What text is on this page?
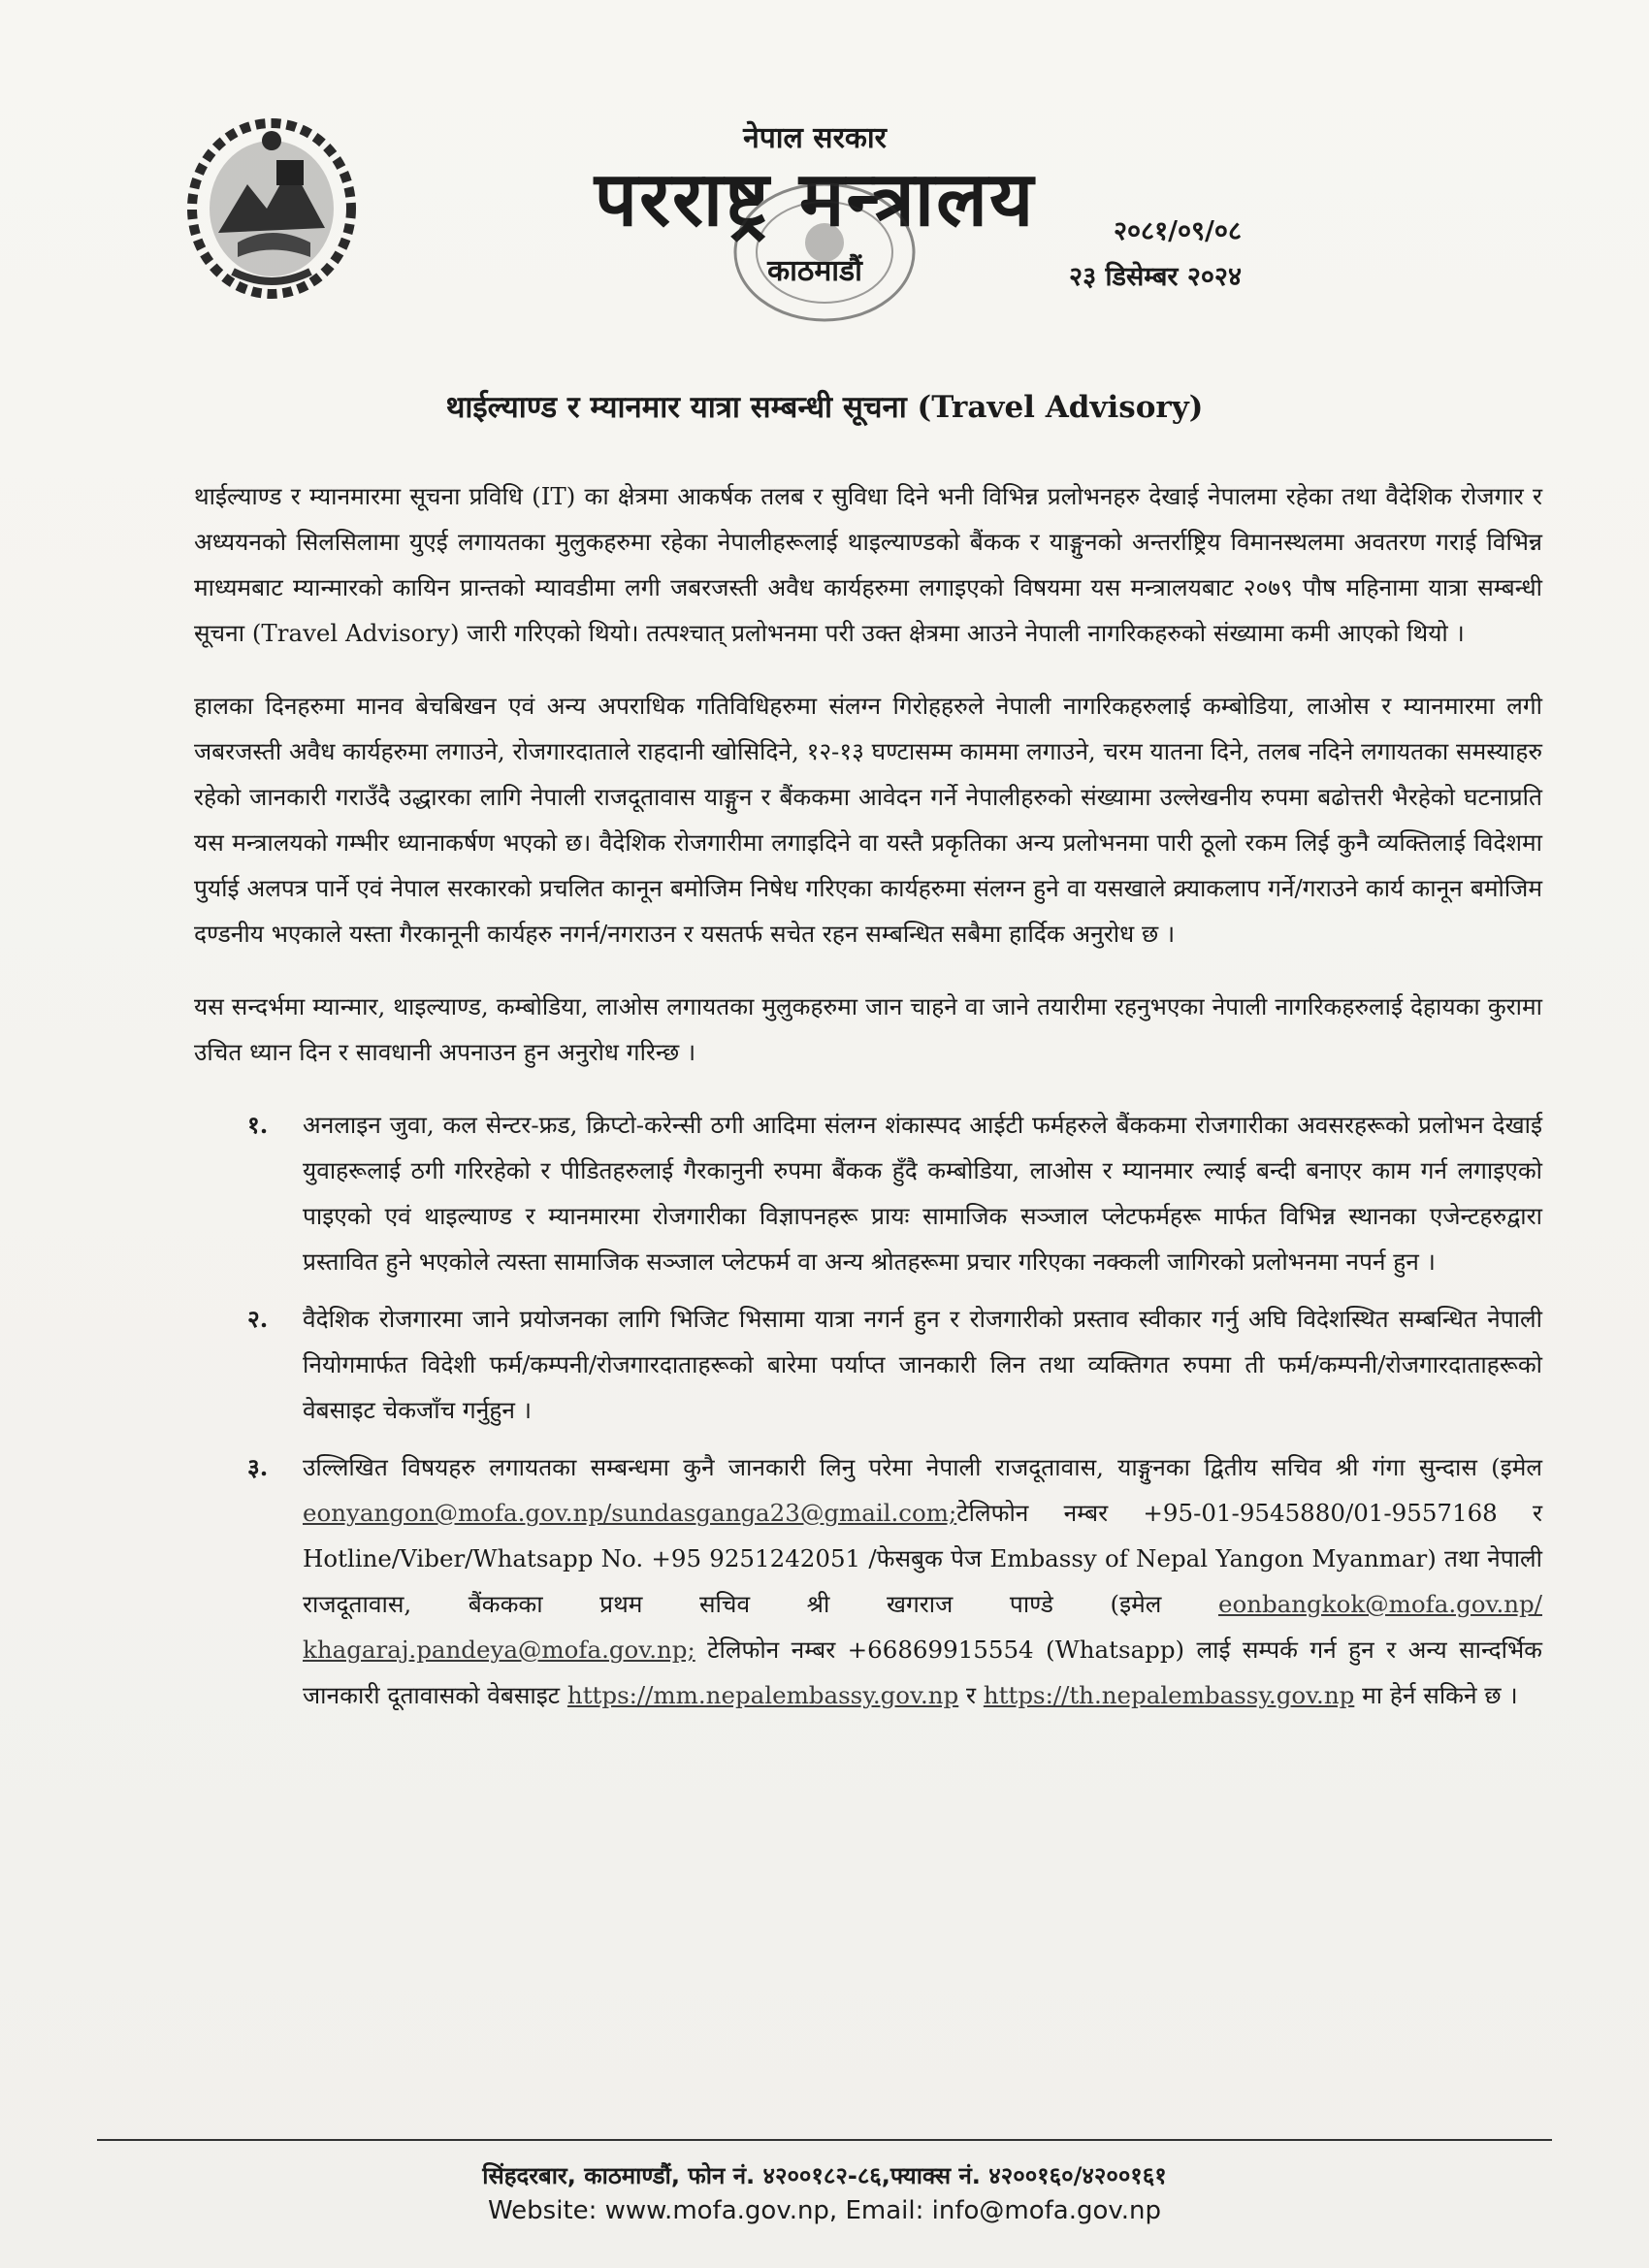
नेपाल सरकार
परराष्ट्र मन्त्रालय
काठमाडौं
२०८१/०९/०८
२३ डिसेम्बर २०२४
थाईल्याण्ड र म्यानमार यात्रा सम्बन्धी सूचना (Travel Advisory)

थाईल्याण्ड र म्यानमारमा सूचना प्रविधि (IT) का क्षेत्रमा आकर्षक तलब र सुविधा दिने भनी विभिन्न प्रलोभनहरु देखाई नेपालमा रहेका तथा वैदेशिक रोजगार र अध्ययनको सिलसिलामा युएई लगायतका मुलुकहरुमा रहेका नेपालीहरूलाई थाइल्याण्डको बैंकक र याङ्गुनको अन्तर्राष्ट्रिय विमानस्थलमा अवतरण गराई विभिन्न माध्यमबाट म्यान्मारको कायिन प्रान्तको म्यावडीमा लगी जबरजस्ती अवैध कार्यहरुमा लगाइएको विषयमा यस मन्त्रालयबाट २०७९ पौष महिनामा यात्रा सम्बन्धी सूचना (Travel Advisory) जारी गरिएको थियो। तत्पश्चात् प्रलोभनमा परी उक्त क्षेत्रमा आउने नेपाली नागरिकहरुको संख्यामा कमी आएको थियो ।

हालका दिनहरुमा मानव बेचबिखन एवं अन्य अपराधिक गतिविधिहरुमा संलग्न गिरोहहरुले नेपाली नागरिकहरुलाई कम्बोडिया, लाओस र म्यानमारमा लगी जबरजस्ती अवैध कार्यहरुमा लगाउने, रोजगारदाताले राहदानी खोसिदिने, १२-१३ घण्टासम्म काममा लगाउने, चरम यातना दिने, तलब नदिने लगायतका समस्याहरु रहेको जानकारी गराउँदै उद्धारका लागि नेपाली राजदूतावास याङ्गुन र बैंककमा आवेदन गर्ने नेपालीहरुको संख्यामा उल्लेखनीय रुपमा बढोत्तरी भैरहेको घटनाप्रति यस मन्त्रालयको गम्भीर ध्यानाकर्षण भएको छ। वैदेशिक रोजगारीमा लगाइदिने वा यस्तै प्रकृतिका अन्य प्रलोभनमा पारी ठूलो रकम लिई कुनै व्यक्तिलाई विदेशमा पुर्याई अलपत्र पार्ने एवं नेपाल सरकारको प्रचलित कानून बमोजिम निषेध गरिएका कार्यहरुमा संलग्न हुने वा यसखाले क्र्याकलाप गर्ने/गराउने कार्य कानून बमोजिम दण्डनीय भएकाले यस्ता गैरकानूनी कार्यहरु नगर्न/नगराउन र यसतर्फ सचेत रहन सम्बन्धित सबैमा हार्दिक अनुरोध छ ।

यस सन्दर्भमा म्यान्मार, थाइल्याण्ड, कम्बोडिया, लाओस लगायतका मुलुकहरुमा जान चाहने वा जाने तयारीमा रहनुभएका नेपाली नागरिकहरुलाई देहायका कुरामा उचित ध्यान दिन र सावधानी अपनाउन हुन अनुरोध गरिन्छ ।

१. अनलाइन जुवा, कल सेन्टर-फ्रड, क्रिप्टो-करेन्सी ठगी आदिमा संलग्न शंकास्पद आईटी फर्महरुले बैंककमा रोजगारीका अवसरहरूको प्रलोभन देखाई युवाहरूलाई ठगी गरिरहेको र पीडितहरुलाई गैरकानुनी रुपमा बैंकक हुँदै कम्बोडिया, लाओस र म्यानमार ल्याई बन्दी बनाएर काम गर्न लगाइएको पाइएको एवं थाइल्याण्ड र म्यानमारमा रोजगारीका विज्ञापनहरू प्रायः सामाजिक सञ्जाल प्लेटफर्महरू मार्फत विभिन्न स्थानका एजेन्टहरुद्वारा प्रस्तावित हुने भएकोले त्यस्ता सामाजिक सञ्जाल प्लेटफर्म वा अन्य श्रोतहरूमा प्रचार गरिएका नक्कली जागिरको प्रलोभनमा नपर्न हुन ।
२. वैदेशिक रोजगारमा जाने प्रयोजनका लागि भिजिट भिसामा यात्रा नगर्न हुन र रोजगारीको प्रस्ताव स्वीकार गर्नु अघि विदेशस्थित सम्बन्धित नेपाली नियोगमार्फत विदेशी फर्म/कम्पनी/रोजगारदाताहरूको बारेमा पर्याप्त जानकारी लिन तथा व्यक्तिगत रुपमा ती फर्म/कम्पनी/रोजगारदाताहरूको वेबसाइट चेकजाँच गर्नुहुन ।
३. उल्लिखित विषयहरु लगायतका सम्बन्धमा कुनै जानकारी लिनु परेमा नेपाली राजदूतावास, याङ्गुनका द्वितीय सचिव श्री गंगा सुन्दास (इमेल eonyangon@mofa.gov.np/sundasganga23@gmail.com;टेलिफोन नम्बर +95-01-9545880/01-9557168 र Hotline/Viber/Whatsapp No. +95 9251242051 /फेसबुक पेज Embassy of Nepal Yangon Myanmar) तथा नेपाली राजदूतावास, बैंककका प्रथम सचिव श्री खगराज पाण्डे (इमेल eonbangkok@mofa.gov.np/ khagaraj.pandeya@mofa.gov.np; टेलिफोन नम्बर +66869915554 (Whatsapp) लाई सम्पर्क गर्न हुन र अन्य सान्दर्भिक जानकारी दूतावासको वेबसाइट https://mm.nepalembassy.gov.np र https://th.nepalembassy.gov.np मा हेर्न सकिने छ ।
सिंहदरबार, काठमाण्डौं, फोन नं. ४२००१८२-८६,फ्याक्स नं. ४२००१६०/४२००१६१
Website: www.mofa.gov.np, Email: info@mofa.gov.np
